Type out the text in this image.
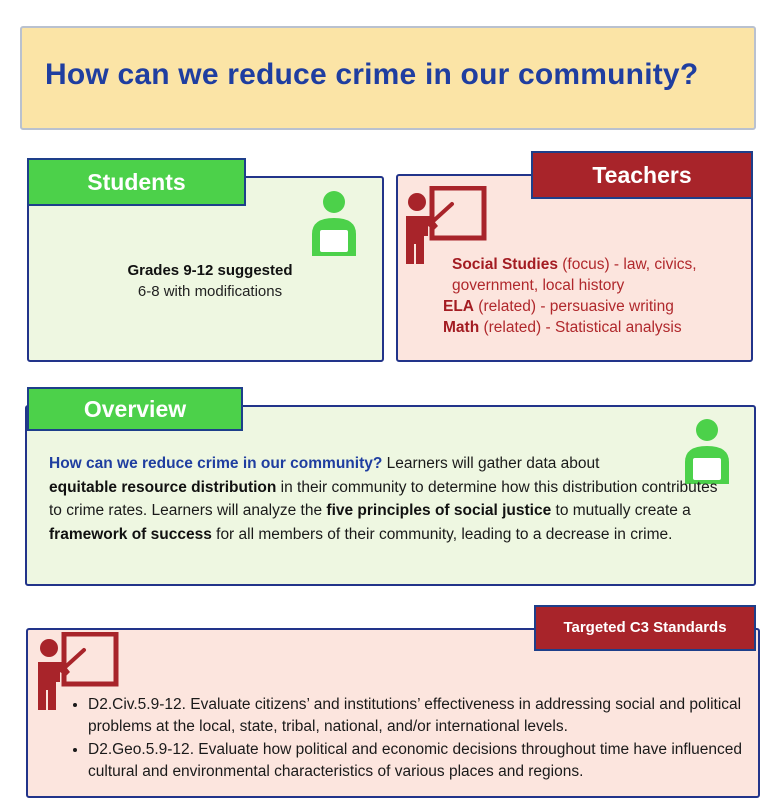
How can we reduce crime in our community?
Students
Grades 9-12 suggested
6-8 with modifications
Teachers
Social Studies (focus) - law, civics, government, local history
ELA (related) - persuasive writing
Math (related) - Statistical analysis
Overview
How can we reduce crime in our community? Learners will gather data about
equitable resource distribution in their community to determine how this distribution contributes to crime rates. Learners will analyze the five principles of social justice to mutually create a framework of success for all members of their community, leading to a decrease in crime.
Targeted C3 Standards
• D2.Civ.5.9-12. Evaluate citizens’ and institutions’ effectiveness in addressing social and political problems at the local, state, tribal, national, and/or international levels.
• D2.Geo.5.9-12. Evaluate how political and economic decisions throughout time have influenced cultural and environmental characteristics of various places and regions.
